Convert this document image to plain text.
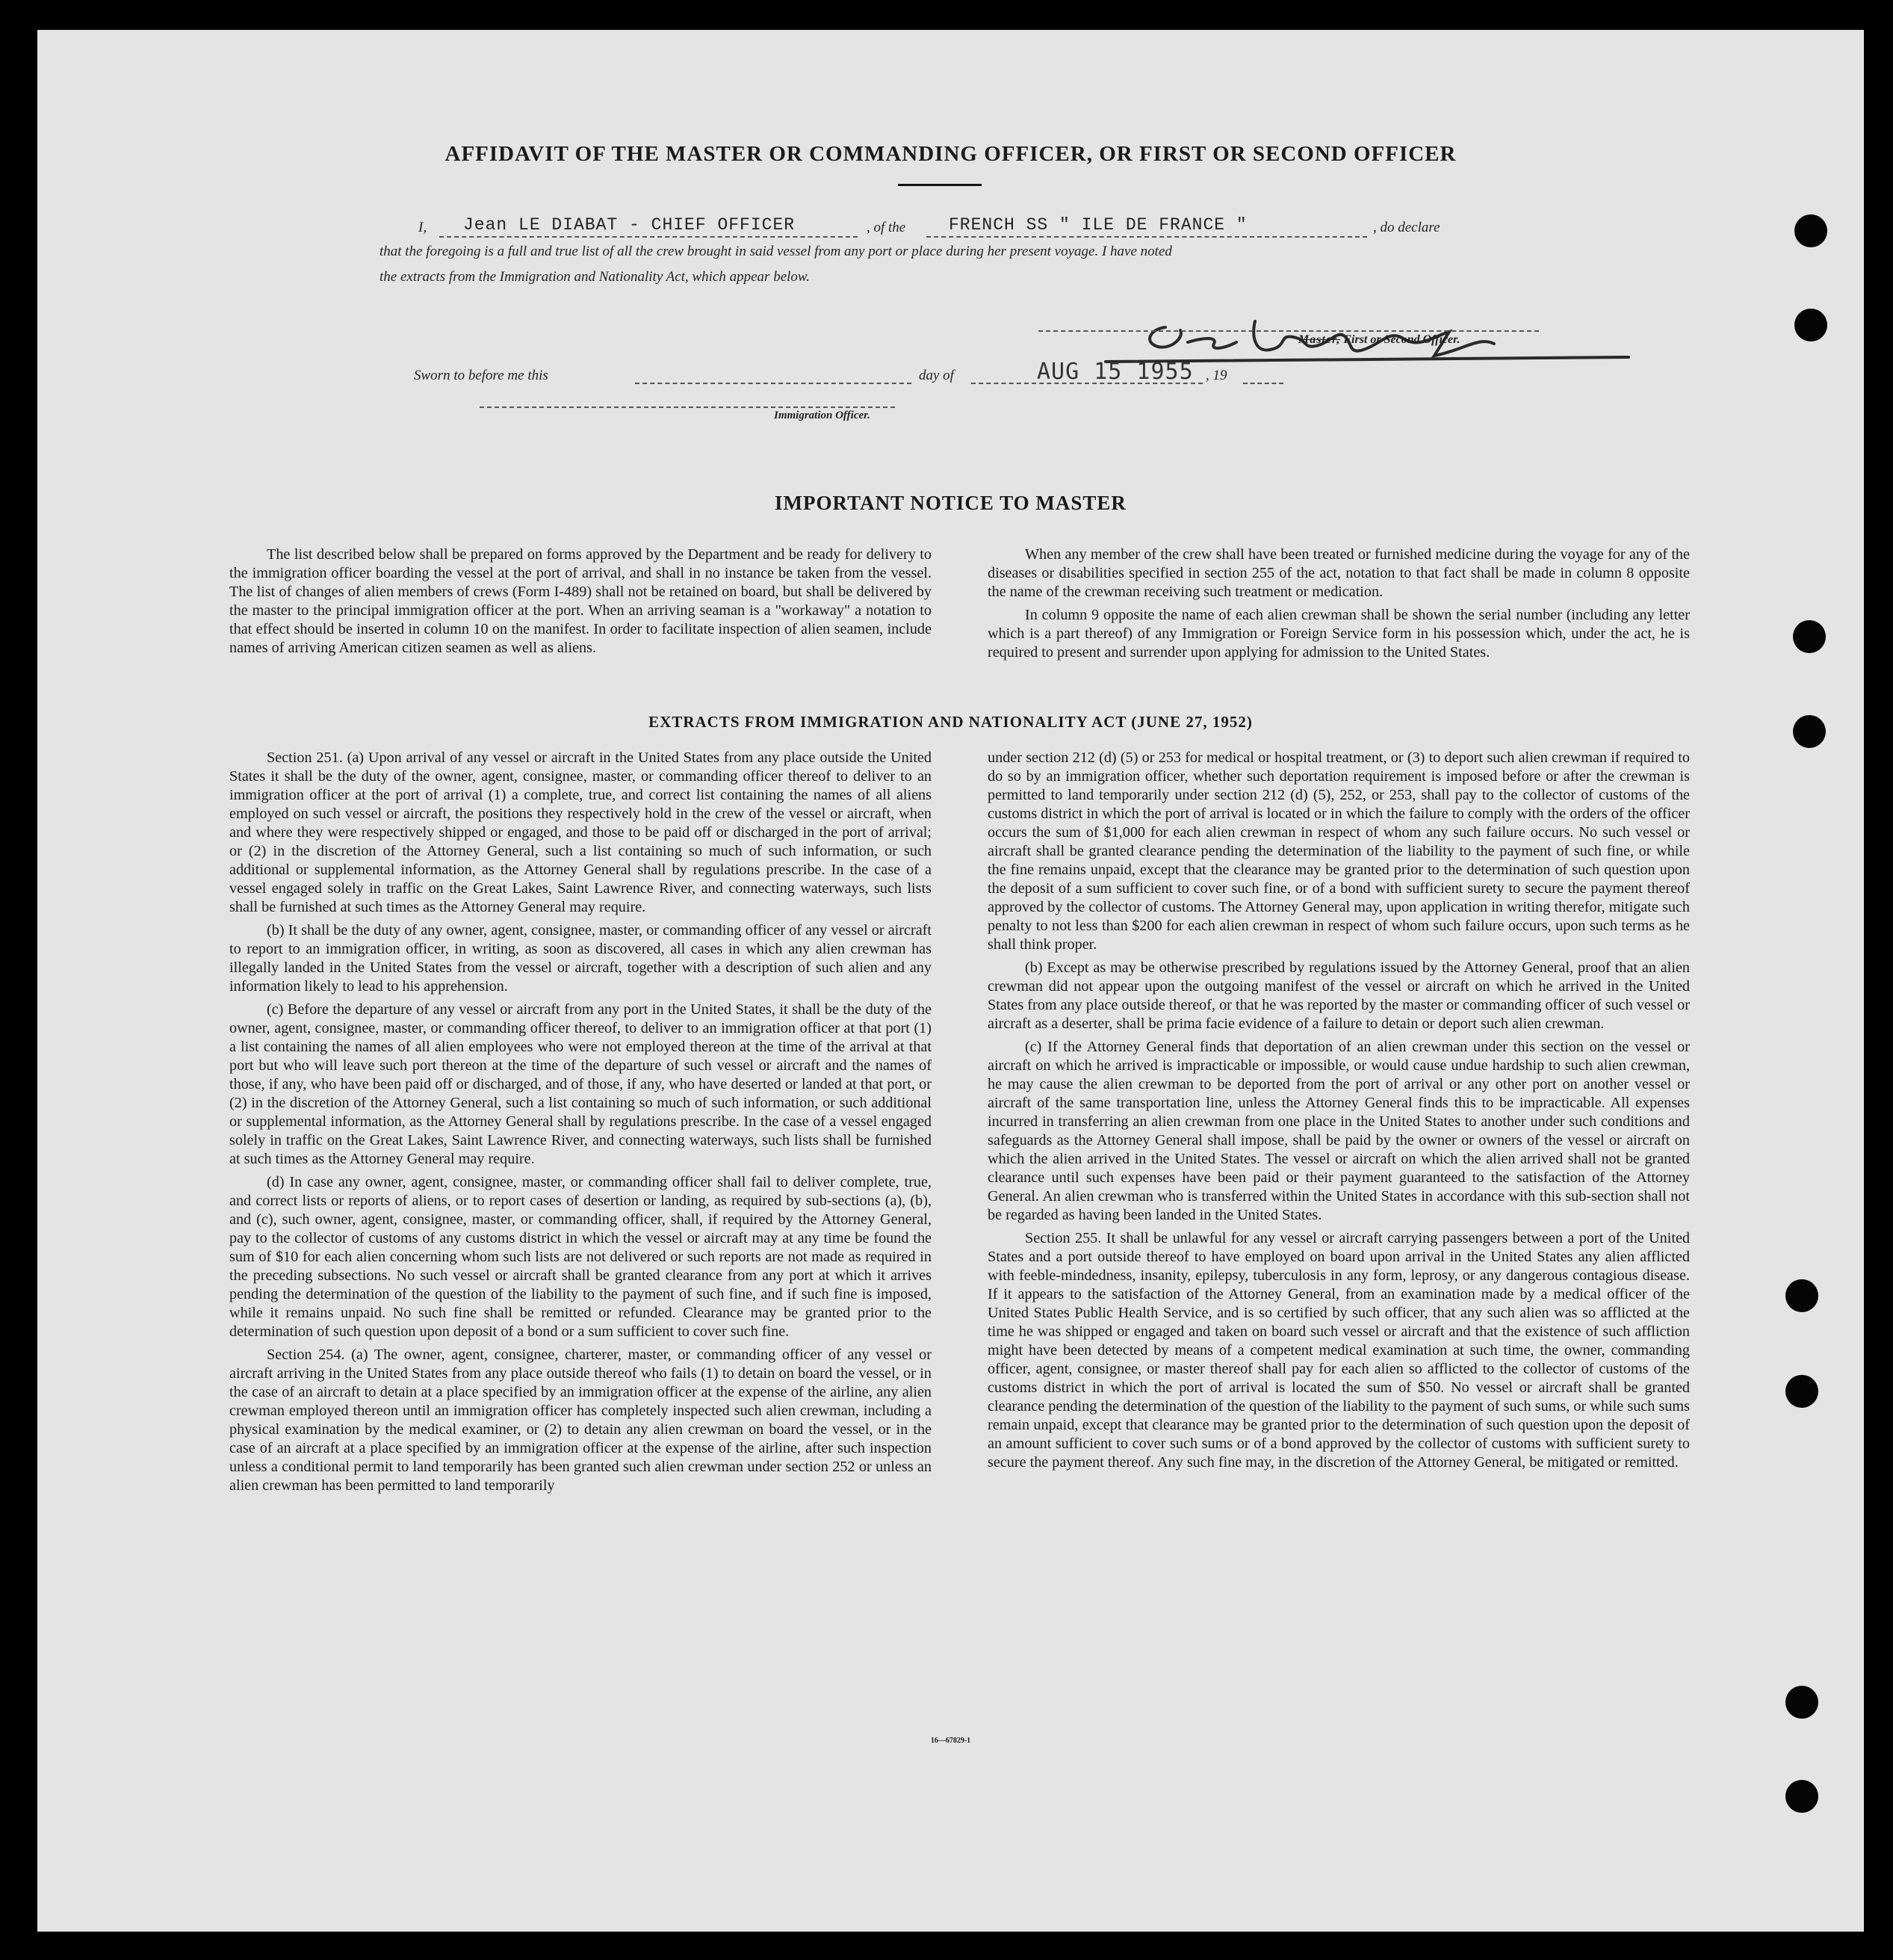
AFFIDAVIT OF THE MASTER OR COMMANDING OFFICER, OR FIRST OR SECOND OFFICER
I, Jean LE DIABAT - CHIEF OFFICER	, of the	FRENCH SS " ILE DE FRANCE "	, do declare
that the foregoing is a full and true list of all the crew brought in said vessel from any port or place during her present voyage. I have noted
the extracts from the Immigration and Nationality Act, which appear below.
Master, First or Second Officer.
Sworn to before me this	day of	AUG 15 1955 , 19
Immigration Officer.
IMPORTANT NOTICE TO MASTER

The list described below shall be prepared on forms approved by the Department and be ready for delivery to the immigration officer boarding the vessel at the port of arrival, and shall in no instance be taken from the vessel. The list of changes of alien members of crews (Form I-489) shall not be retained on board, but shall be delivered by the master to the principal immigration officer at the port. When an arriving seaman is a "workaway" a notation to that effect should be inserted in column 10 on the manifest. In order to facilitate inspection of alien seamen, include names of arriving American citizen seamen as well as aliens.

When any member of the crew shall have been treated or furnished medicine during the voyage for any of the diseases or disabilities specified in section 255 of the act, notation to that fact shall be made in column 8 opposite the name of the crewman receiving such treatment or medication.

In column 9 opposite the name of each alien crewman shall be shown the serial number (including any letter which is a part thereof) of any Immigration or Foreign Service form in his possession which, under the act, he is required to present and surrender upon applying for admission to the United States.

EXTRACTS FROM IMMIGRATION AND NATIONALITY ACT (JUNE 27, 1952)

Section 251. (a) Upon arrival of any vessel or aircraft in the United States from any place outside the United States it shall be the duty of the owner, agent, consignee, master, or commanding officer thereof to deliver to an immigration officer at the port of arrival (1) a complete, true, and correct list containing the names of all aliens employed on such vessel or aircraft, the positions they respectively hold in the crew of the vessel or aircraft, when and where they were respectively shipped or engaged, and those to be paid off or discharged in the port of arrival; or (2) in the discretion of the Attorney General, such a list containing so much of such information, or such additional or supplemental information, as the Attorney General shall by regulations prescribe. In the case of a vessel engaged solely in traffic on the Great Lakes, Saint Lawrence River, and connecting waterways, such lists shall be furnished at such times as the Attorney General may require.

(b) It shall be the duty of any owner, agent, consignee, master, or commanding officer of any vessel or aircraft to report to an immigration officer, in writing, as soon as discovered, all cases in which any alien crewman has illegally landed in the United States from the vessel or aircraft, together with a description of such alien and any information likely to lead to his apprehension.

(c) Before the departure of any vessel or aircraft from any port in the United States, it shall be the duty of the owner, agent, consignee, master, or commanding officer thereof, to deliver to an immigration officer at that port (1) a list containing the names of all alien employees who were not employed thereon at the time of the arrival at that port but who will leave such port thereon at the time of the departure of such vessel or aircraft and the names of those, if any, who have been paid off or discharged, and of those, if any, who have deserted or landed at that port, or (2) in the discretion of the Attorney General, such a list containing so much of such information, or such additional or supplemental information, as the Attorney General shall by regulations prescribe. In the case of a vessel engaged solely in traffic on the Great Lakes, Saint Lawrence River, and connecting waterways, such lists shall be furnished at such times as the Attorney General may require.

(d) In case any owner, agent, consignee, master, or commanding officer shall fail to deliver complete, true, and correct lists or reports of aliens, or to report cases of desertion or landing, as required by sub-sections (a), (b), and (c), such owner, agent, consignee, master, or commanding officer, shall, if required by the Attorney General, pay to the collector of customs of any customs district in which the vessel or aircraft may at any time be found the sum of $10 for each alien concerning whom such lists are not delivered or such reports are not made as required in the preceding subsections. No such vessel or aircraft shall be granted clearance from any port at which it arrives pending the determination of the question of the liability to the payment of such fine, and if such fine is imposed, while it remains unpaid. No such fine shall be remitted or refunded. Clearance may be granted prior to the determination of such question upon deposit of a bond or a sum sufficient to cover such fine.

Section 254. (a) The owner, agent, consignee, charterer, master, or commanding officer of any vessel or aircraft arriving in the United States from any place outside thereof who fails (1) to detain on board the vessel, or in the case of an aircraft to detain at a place specified by an immigration officer at the expense of the airline, any alien crewman employed thereon until an immigration officer has completely inspected such alien crewman, including a physical examination by the medical examiner, or (2) to detain any alien crewman on board the vessel, or in the case of an aircraft at a place specified by an immigration officer at the expense of the airline, after such inspection unless a conditional permit to land temporarily has been granted such alien crewman under section 252 or unless an alien crewman has been permitted to land temporarily

under section 212 (d) (5) or 253 for medical or hospital treatment, or (3) to deport such alien crewman if required to do so by an immigration officer, whether such deportation requirement is imposed before or after the crewman is permitted to land temporarily under section 212 (d) (5), 252, or 253, shall pay to the collector of customs of the customs district in which the port of arrival is located or in which the failure to comply with the orders of the officer occurs the sum of $1,000 for each alien crewman in respect of whom any such failure occurs. No such vessel or aircraft shall be granted clearance pending the determination of the liability to the payment of such fine, or while the fine remains unpaid, except that the clearance may be granted prior to the determination of such question upon the deposit of a sum sufficient to cover such fine, or of a bond with sufficient surety to secure the payment thereof approved by the collector of customs. The Attorney General may, upon application in writing therefor, mitigate such penalty to not less than $200 for each alien crewman in respect of whom such failure occurs, upon such terms as he shall think proper.

(b) Except as may be otherwise prescribed by regulations issued by the Attorney General, proof that an alien crewman did not appear upon the outgoing manifest of the vessel or aircraft on which he arrived in the United States from any place outside thereof, or that he was reported by the master or commanding officer of such vessel or aircraft as a deserter, shall be prima facie evidence of a failure to detain or deport such alien crewman.

(c) If the Attorney General finds that deportation of an alien crewman under this section on the vessel or aircraft on which he arrived is impracticable or impossible, or would cause undue hardship to such alien crewman, he may cause the alien crewman to be deported from the port of arrival or any other port on another vessel or aircraft of the same transportation line, unless the Attorney General finds this to be impracticable. All expenses incurred in transferring an alien crewman from one place in the United States to another under such conditions and safeguards as the Attorney General shall impose, shall be paid by the owner or owners of the vessel or aircraft on which the alien arrived in the United States. The vessel or aircraft on which the alien arrived shall not be granted clearance until such expenses have been paid or their payment guaranteed to the satisfaction of the Attorney General. An alien crewman who is transferred within the United States in accordance with this sub-section shall not be regarded as having been landed in the United States.

Section 255. It shall be unlawful for any vessel or aircraft carrying passengers between a port of the United States and a port outside thereof to have employed on board upon arrival in the United States any alien afflicted with feeble-mindedness, insanity, epilepsy, tuberculosis in any form, leprosy, or any dangerous contagious disease. If it appears to the satisfaction of the Attorney General, from an examination made by a medical officer of the United States Public Health Service, and is so certified by such officer, that any such alien was so afflicted at the time he was shipped or engaged and taken on board such vessel or aircraft and that the existence of such affliction might have been detected by means of a competent medical examination at such time, the owner, commanding officer, agent, consignee, or master thereof shall pay for each alien so afflicted to the collector of customs of the customs district in which the port of arrival is located the sum of $50. No vessel or aircraft shall be granted clearance pending the determination of the question of the liability to the payment of such sums, or while such sums remain unpaid, except that clearance may be granted prior to the determination of such question upon the deposit of an amount sufficient to cover such sums or of a bond approved by the collector of customs with sufficient surety to secure the payment thereof. Any such fine may, in the discretion of the Attorney General, be mitigated or remitted.

16—67829-1
